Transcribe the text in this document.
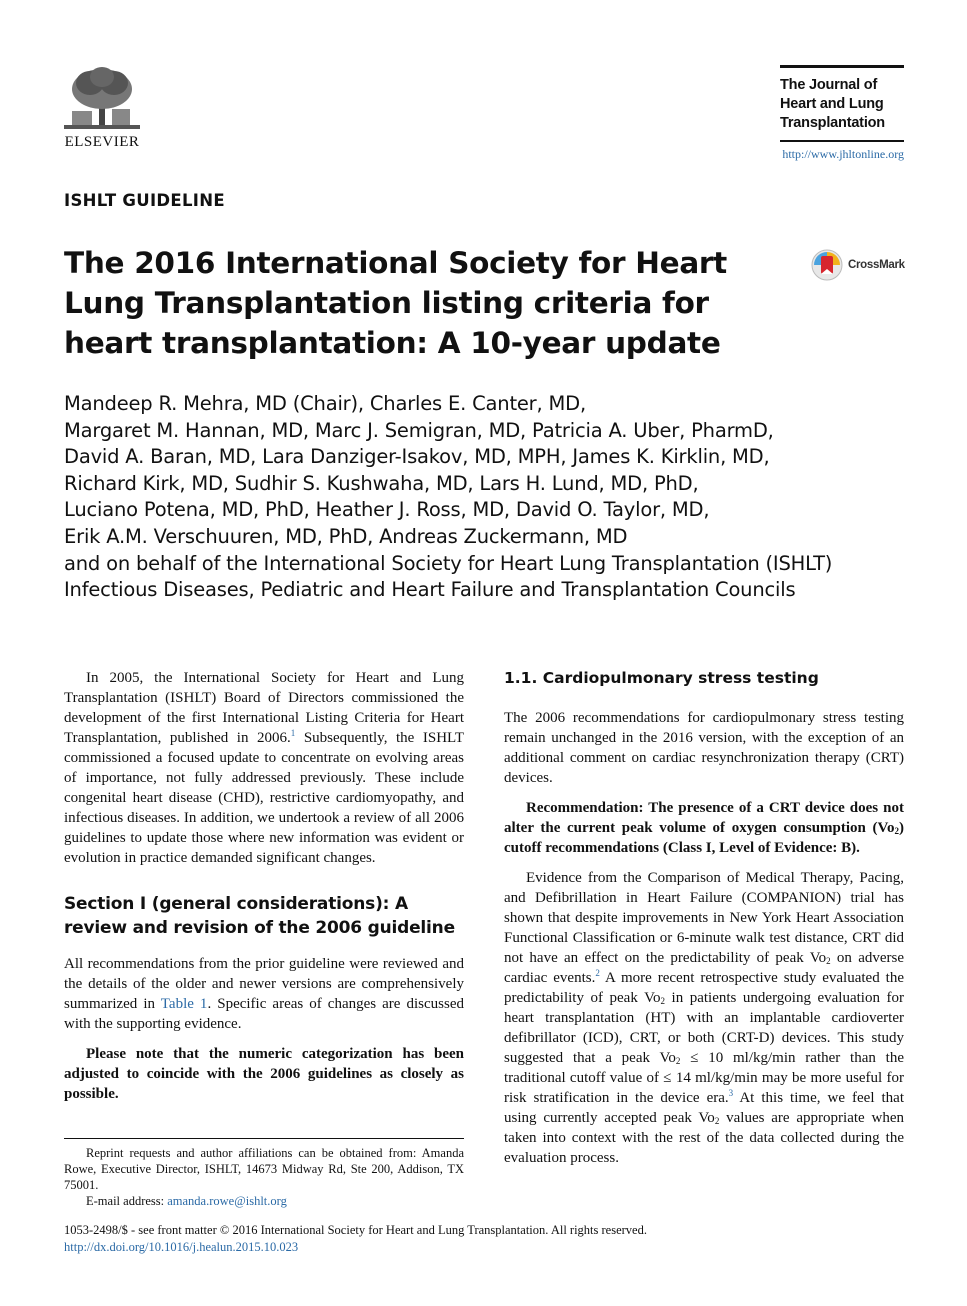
ELSEVIER
The Journal of
Heart and Lung
Transplantation
http://www.jhltonline.org
ISHLT GUIDELINE
The 2016 International Society for Heart Lung Transplantation listing criteria for heart transplantation: A 10-year update
CrossMark
Mandeep R. Mehra, MD (Chair), Charles E. Canter, MD,
Margaret M. Hannan, MD, Marc J. Semigran, MD, Patricia A. Uber, PharmD,
David A. Baran, MD, Lara Danziger-Isakov, MD, MPH, James K. Kirklin, MD,
Richard Kirk, MD, Sudhir S. Kushwaha, MD, Lars H. Lund, MD, PhD,
Luciano Potena, MD, PhD, Heather J. Ross, MD, David O. Taylor, MD,
Erik A.M. Verschuuren, MD, PhD, Andreas Zuckermann, MD
and on behalf of the International Society for Heart Lung Transplantation (ISHLT)
Infectious Diseases, Pediatric and Heart Failure and Transplantation Councils

In 2005, the International Society for Heart and Lung Transplantation (ISHLT) Board of Directors commissioned the development of the first International Listing Criteria for Heart Transplantation, published in 2006.$^1$ Subsequently, the ISHLT commissioned a focused update to concentrate on evolving areas of importance, not fully addressed previously. These include congenital heart disease (CHD), restrictive cardiomyopathy, and infectious diseases. In addition, we undertook a review of all 2006 guidelines to update those where new information was evident or evolution in practice demanded significant changes.

Section I (general considerations): A review and revision of the 2006 guideline

All recommendations from the prior guideline were reviewed and the details of the older and newer versions are comprehensively summarized in Table 1. Specific areas of changes are discussed with the supporting evidence.

Please note that the numeric categorization has been adjusted to coincide with the 2006 guidelines as closely as possible.

1.1. Cardiopulmonary stress testing

The 2006 recommendations for cardiopulmonary stress testing remain unchanged in the 2016 version, with the exception of an additional comment on cardiac resynchronization therapy (CRT) devices.

Recommendation: The presence of a CRT device does not alter the current peak volume of oxygen consumption $(Vo_2)$ cutoff recommendations (Class I, Level of Evidence: B).

Evidence from the Comparison of Medical Therapy, Pacing, and Defibrillation in Heart Failure (COMPANION) trial has shown that despite improvements in New York Heart Association Functional Classification or 6-minute walk test distance, CRT did not have an effect on the predictability of peak $Vo_2$ on adverse cardiac events.$^2$ A more recent retrospective study evaluated the predictability of peak $Vo_2$ in patients undergoing evaluation for heart transplantation (HT) with an implantable cardioverter defibrillator (ICD), CRT, or both (CRT-D) devices. This study suggested that a peak $Vo_2 \le 10$ ml/kg/min rather than the traditional cutoff value of ≤ 14 ml/kg/min may be more useful for risk stratification in the device era.$^3$ At this time, we feel that using currently accepted peak $Vo_2$ values are appropriate when taken into context with the rest of the data collected during the evaluation process.

Reprint requests and author affiliations can be obtained from: Amanda Rowe, Executive Director, ISHLT, 14673 Midway Rd, Ste 200, Addison, TX 75001.

E-mail address: amanda.rowe@ishlt.org

1053-2498/$ - see front matter © 2016 International Society for Heart and Lung Transplantation. All rights reserved.
http://dx.doi.org/10.1016/j.healun.2015.10.023
